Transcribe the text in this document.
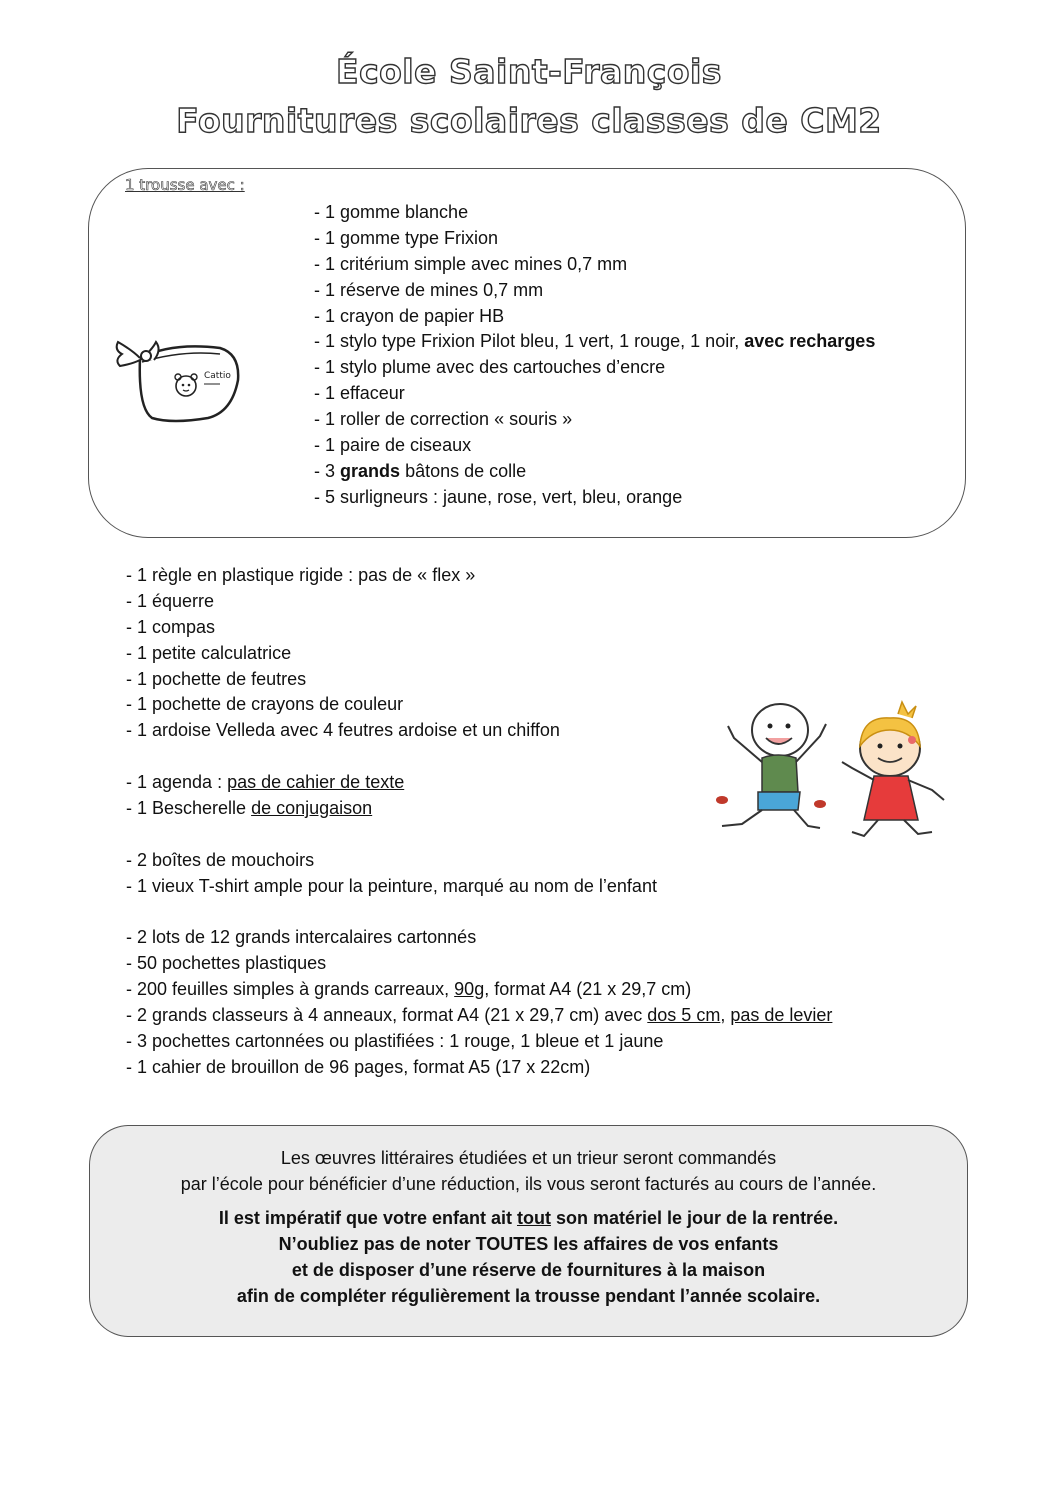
École Saint-François
Fournitures scolaires classes de CM2
1 trousse avec :
Cattio
- 1 gomme blanche
- 1 gomme type Frixion
- 1 critérium simple avec mines 0,7 mm
- 1 réserve de mines 0,7 mm
- 1 crayon de papier HB
- 1 stylo type Frixion Pilot bleu, 1 vert, 1 rouge, 1 noir, avec recharges
- 1 stylo plume avec des cartouches d’encre
- 1 effaceur
- 1 roller de correction « souris »
- 1 paire de ciseaux
- 3 grands bâtons de colle
- 5 surligneurs : jaune, rose, vert, bleu, orange
- 1 règle en plastique rigide : pas de « flex »
- 1 équerre
- 1 compas
- 1 petite calculatrice
- 1 pochette de feutres
- 1 pochette de crayons de couleur
- 1 ardoise Velleda avec 4 feutres ardoise et un chiffon
- 1 agenda : pas de cahier de texte
- 1 Bescherelle de conjugaison
- 2 boîtes de mouchoirs
- 1 vieux T-shirt ample pour la peinture, marqué au nom de l’enfant
- 2 lots de 12 grands intercalaires cartonnés
- 50 pochettes plastiques
- 200 feuilles simples à grands carreaux, 90g, format A4 (21 x 29,7 cm)
- 2 grands classeurs à 4 anneaux, format A4 (21 x 29,7 cm) avec dos 5 cm, pas de levier
- 3 pochettes cartonnées ou plastifiées : 1 rouge, 1 bleue et 1 jaune
- 1 cahier de brouillon de 96 pages, format A5 (17 x 22cm)
Les œuvres littéraires étudiées et un trieur seront commandés
par l’école pour bénéficier d’une réduction, ils vous seront facturés au cours de l’année.
Il est impératif que votre enfant ait tout son matériel le jour de la rentrée.
N’oubliez pas de noter TOUTES les affaires de vos enfants
et de disposer d’une réserve de fournitures à la maison
afin de compléter régulièrement la trousse pendant l’année scolaire.
